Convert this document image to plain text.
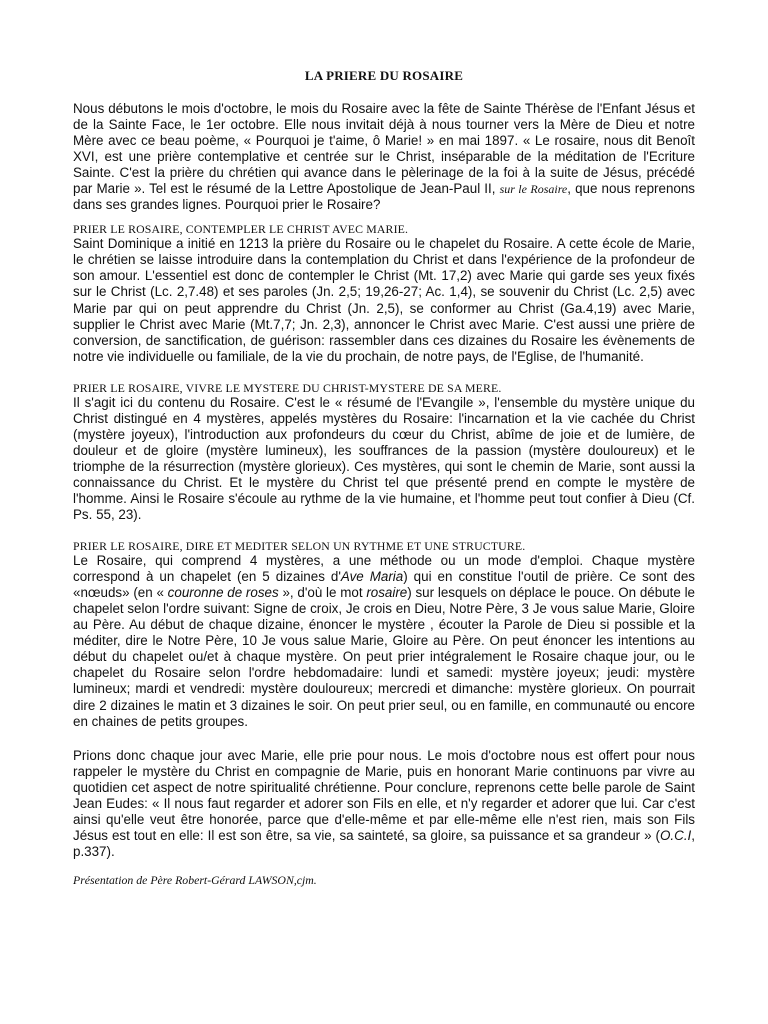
LA PRIERE DU ROSAIRE

Nous débutons le mois d'octobre, le mois du Rosaire avec la fête de Sainte Thérèse de l'Enfant Jésus et de la Sainte Face, le 1er octobre. Elle nous invitait déjà à nous tourner vers la Mère de Dieu et notre Mère avec ce beau poème, « Pourquoi je t'aime, ô Marie! » en mai 1897. « Le rosaire, nous dit Benoît XVI, est une prière contemplative et centrée sur le Christ, inséparable de la méditation de l'Ecriture Sainte. C'est la prière du chrétien qui avance dans le pèlerinage de la foi à la suite de Jésus, précédé par Marie ». Tel est le résumé de la Lettre Apostolique de Jean-Paul II, sur le Rosaire, que nous reprenons dans ses grandes lignes. Pourquoi prier le Rosaire?

PRIER LE ROSAIRE, CONTEMPLER LE CHRIST AVEC MARIE.

Saint Dominique a initié en 1213 la prière du Rosaire ou le chapelet du Rosaire. A cette école de Marie, le chrétien se laisse introduire dans la contemplation du Christ et dans l'expérience de la profondeur de son amour. L'essentiel est donc de contempler le Christ (Mt. 17,2) avec Marie qui garde ses yeux fixés sur le Christ (Lc. 2,7.48) et ses paroles (Jn. 2,5; 19,26-27; Ac. 1,4), se souvenir du Christ (Lc. 2,5) avec Marie par qui on peut apprendre du Christ (Jn. 2,5), se conformer au Christ (Ga.4,19) avec Marie, supplier le Christ avec Marie (Mt.7,7; Jn. 2,3), annoncer le Christ avec Marie. C'est aussi une prière de conversion, de sanctification, de guérison: rassembler dans ces dizaines du Rosaire les évènements de notre vie individuelle ou familiale, de la vie du prochain, de notre pays, de l'Eglise, de l'humanité.

PRIER LE ROSAIRE, VIVRE LE MYSTERE DU CHRIST-MYSTERE DE SA MERE.

Il s'agit ici du contenu du Rosaire. C'est le « résumé de l'Evangile », l'ensemble du mystère unique du Christ distingué en 4 mystères, appelés mystères du Rosaire: l'incarnation et la vie cachée du Christ (mystère joyeux), l'introduction aux profondeurs du cœur du Christ, abîme de joie et de lumière, de douleur et de gloire (mystère lumineux), les souffrances de la passion (mystère douloureux) et le triomphe de la résurrection (mystère glorieux). Ces mystères, qui sont le chemin de Marie, sont aussi la connaissance du Christ. Et le mystère du Christ tel que présenté prend en compte le mystère de l'homme. Ainsi le Rosaire s'écoule au rythme de la vie humaine, et l'homme peut tout confier à Dieu (Cf. Ps. 55, 23).

PRIER LE ROSAIRE, DIRE ET MEDITER SELON UN RYTHME ET UNE STRUCTURE.

Le Rosaire, qui comprend 4 mystères, a une méthode ou un mode d'emploi. Chaque mystère correspond à un chapelet (en 5 dizaines d'Ave Maria) qui en constitue l'outil de prière. Ce sont des «nœuds» (en « couronne de roses », d'où le mot rosaire) sur lesquels on déplace le pouce. On débute le chapelet selon l'ordre suivant: Signe de croix, Je crois en Dieu, Notre Père, 3 Je vous salue Marie, Gloire au Père. Au début de chaque dizaine, énoncer le mystère , écouter la Parole de Dieu si possible et la méditer, dire le Notre Père, 10 Je vous salue Marie, Gloire au Père. On peut énoncer les intentions au début du chapelet ou/et à chaque mystère. On peut prier intégralement le Rosaire chaque jour, ou le chapelet du Rosaire selon l'ordre hebdomadaire: lundi et samedi: mystère joyeux; jeudi: mystère lumineux; mardi et vendredi: mystère douloureux; mercredi et dimanche: mystère glorieux. On pourrait dire 2 dizaines le matin et 3 dizaines le soir. On peut prier seul, ou en famille, en communauté ou encore en chaines de petits groupes.

Prions donc chaque jour avec Marie, elle prie pour nous. Le mois d'octobre nous est offert pour nous rappeler le mystère du Christ en compagnie de Marie, puis en honorant Marie continuons par vivre au quotidien cet aspect de notre spiritualité chrétienne. Pour conclure, reprenons cette belle parole de Saint Jean Eudes: « Il nous faut regarder et adorer son Fils en elle, et n'y regarder et adorer que lui. Car c'est ainsi qu'elle veut être honorée, parce que d'elle-même et par elle-même elle n'est rien, mais son Fils Jésus est tout en elle: Il est son être, sa vie, sa sainteté, sa gloire, sa puissance et sa grandeur » (O.C.I, p.337).

Présentation de Père Robert-Gérard LAWSON,cjm.
